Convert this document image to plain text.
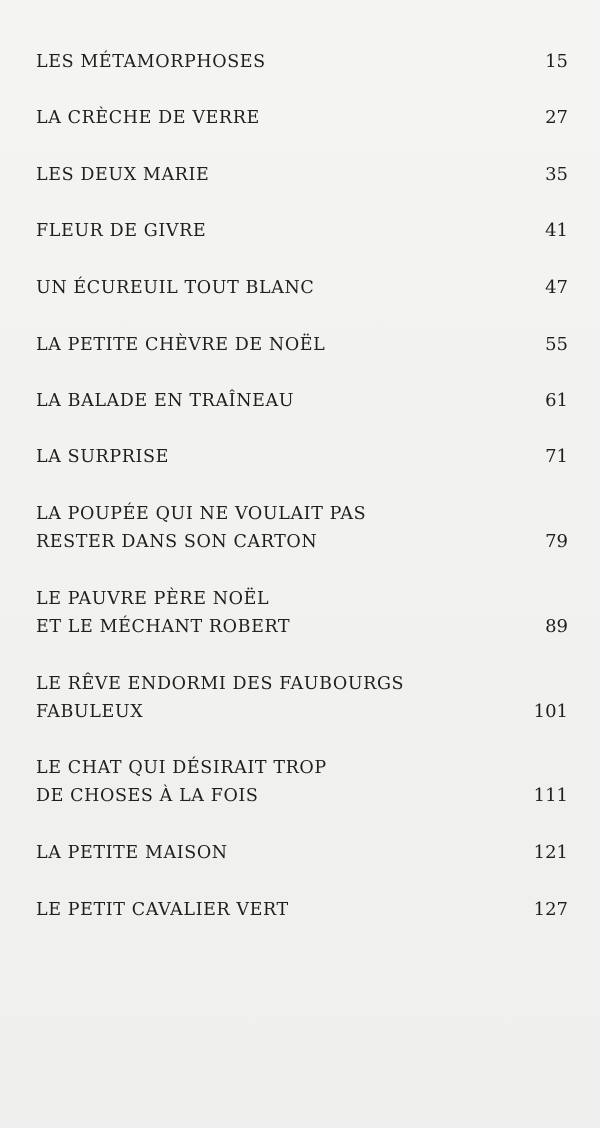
LES MÉTAMORPHOSES	15
LA CRÈCHE DE VERRE	27
LES DEUX MARIE	35
FLEUR DE GIVRE	41
UN ÉCUREUIL TOUT BLANC	47
LA PETITE CHÈVRE DE NOËL	55
LA BALADE EN TRAÎNEAU	61
LA SURPRISE	71
LA POUPÉE QUI NE VOULAIT PAS
RESTER DANS SON CARTON	79
LE PAUVRE PÈRE NOËL
ET LE MÉCHANT ROBERT	89
LE RÊVE ENDORMI DES FAUBOURGS
FABULEUX	101
LE CHAT QUI DÉSIRAIT TROP
DE CHOSES À LA FOIS	111
LA PETITE MAISON	121
LE PETIT CAVALIER VERT	127
